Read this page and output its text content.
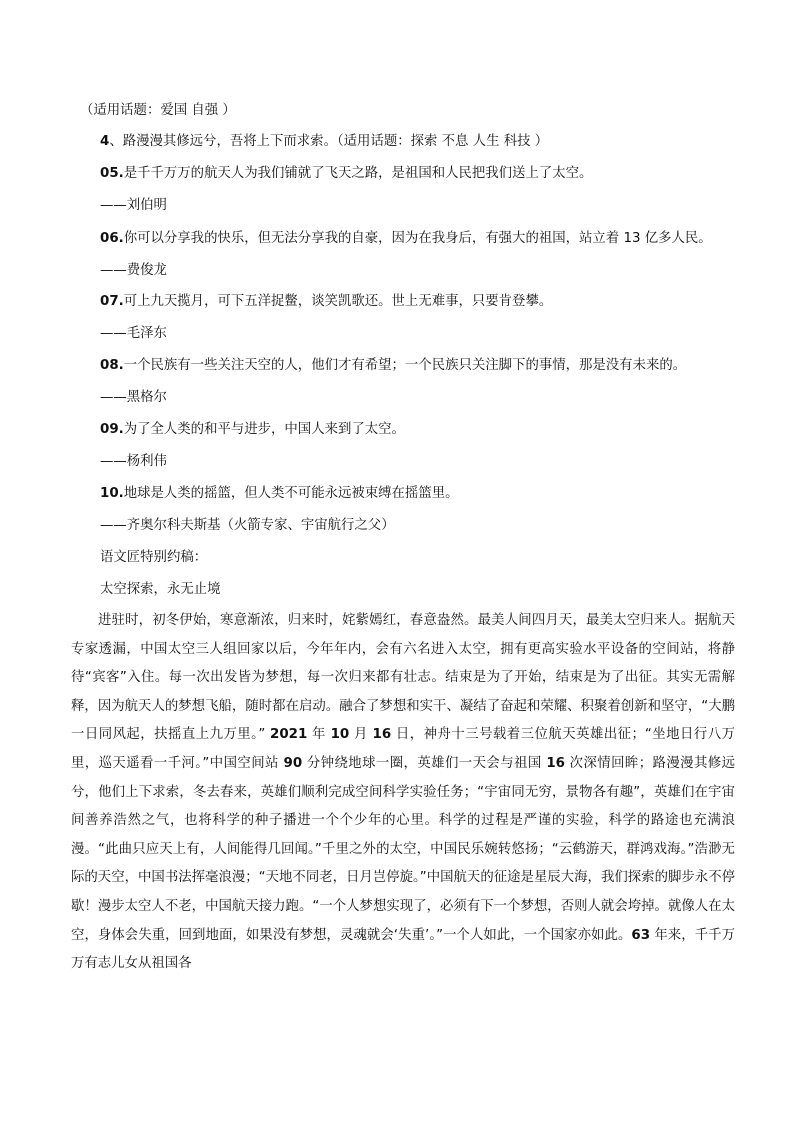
（适用话题：爱国 自强 ）
4、路漫漫其修远兮，吾将上下而求索。（适用话题：探索 不息 人生 科技 ）
05.是千千万万的航天人为我们铺就了飞天之路，是祖国和人民把我们送上了太空。
——刘伯明
06.你可以分享我的快乐，但无法分享我的自豪，因为在我身后，有强大的祖国，站立着 13 亿多人民。
——费俊龙
07.可上九天揽月，可下五洋捉鳖，谈笑凯歌还。世上无难事，只要肯登攀。
——毛泽东
08.一个民族有一些关注天空的人，他们才有希望；一个民族只关注脚下的事情，那是没有未来的。
——黑格尔
09.为了全人类的和平与进步，中国人来到了太空。
——杨利伟
10.地球是人类的摇篮，但人类不可能永远被束缚在摇篮里。
——齐奥尔科夫斯基（火箭专家、宇宙航行之父）
语文匠特别约稿：
太空探索，永无止境

进驻时，初冬伊始，寒意渐浓，归来时，姹紫嫣红，春意盎然。最美人间四月天，最美太空归来人。据航天专家透漏，中国太空三人组回家以后，今年年内，会有六名进入太空，拥有更高实验水平设备的空间站，将静待“宾客”入住。每一次出发皆为梦想，每一次归来都有壮志。结束是为了开始，结束是为了出征。其实无需解释，因为航天人的梦想飞船，随时都在启动。融合了梦想和实干、凝结了奋起和荣耀、积聚着创新和坚守，“大鹏一日同风起，扶摇直上九万里。” 2021 年 10 月 16 日，神舟十三号载着三位航天英雄出征；“坐地日行八万里，巡天遥看一千河。”中国空间站 90 分钟绕地球一圈，英雄们一天会与祖国 16 次深情回眸；路漫漫其修远兮，他们上下求索，冬去春来，英雄们顺利完成空间科学实验任务；“宇宙同无穷，景物各有趣”，英雄们在宇宙间善养浩然之气，也将科学的种子播进一个个少年的心里。科学的过程是严谨的实验，科学的路途也充满浪漫。“此曲只应天上有，人间能得几回闻。”千里之外的太空，中国民乐婉转悠扬；“云鹤游天，群鸿戏海。”浩渺无际的天空，中国书法挥毫浪漫；“天地不同老，日月岂停旋。”中国航天的征途是星辰大海，我们探索的脚步永不停歇！漫步太空人不老，中国航天接力跑。“一个人梦想实现了，必须有下一个梦想，否则人就会垮掉。就像人在太空，身体会失重，回到地面，如果没有梦想，灵魂就会‘失重’。”一个人如此，一个国家亦如此。63 年来，千千万万有志儿女从祖国各
